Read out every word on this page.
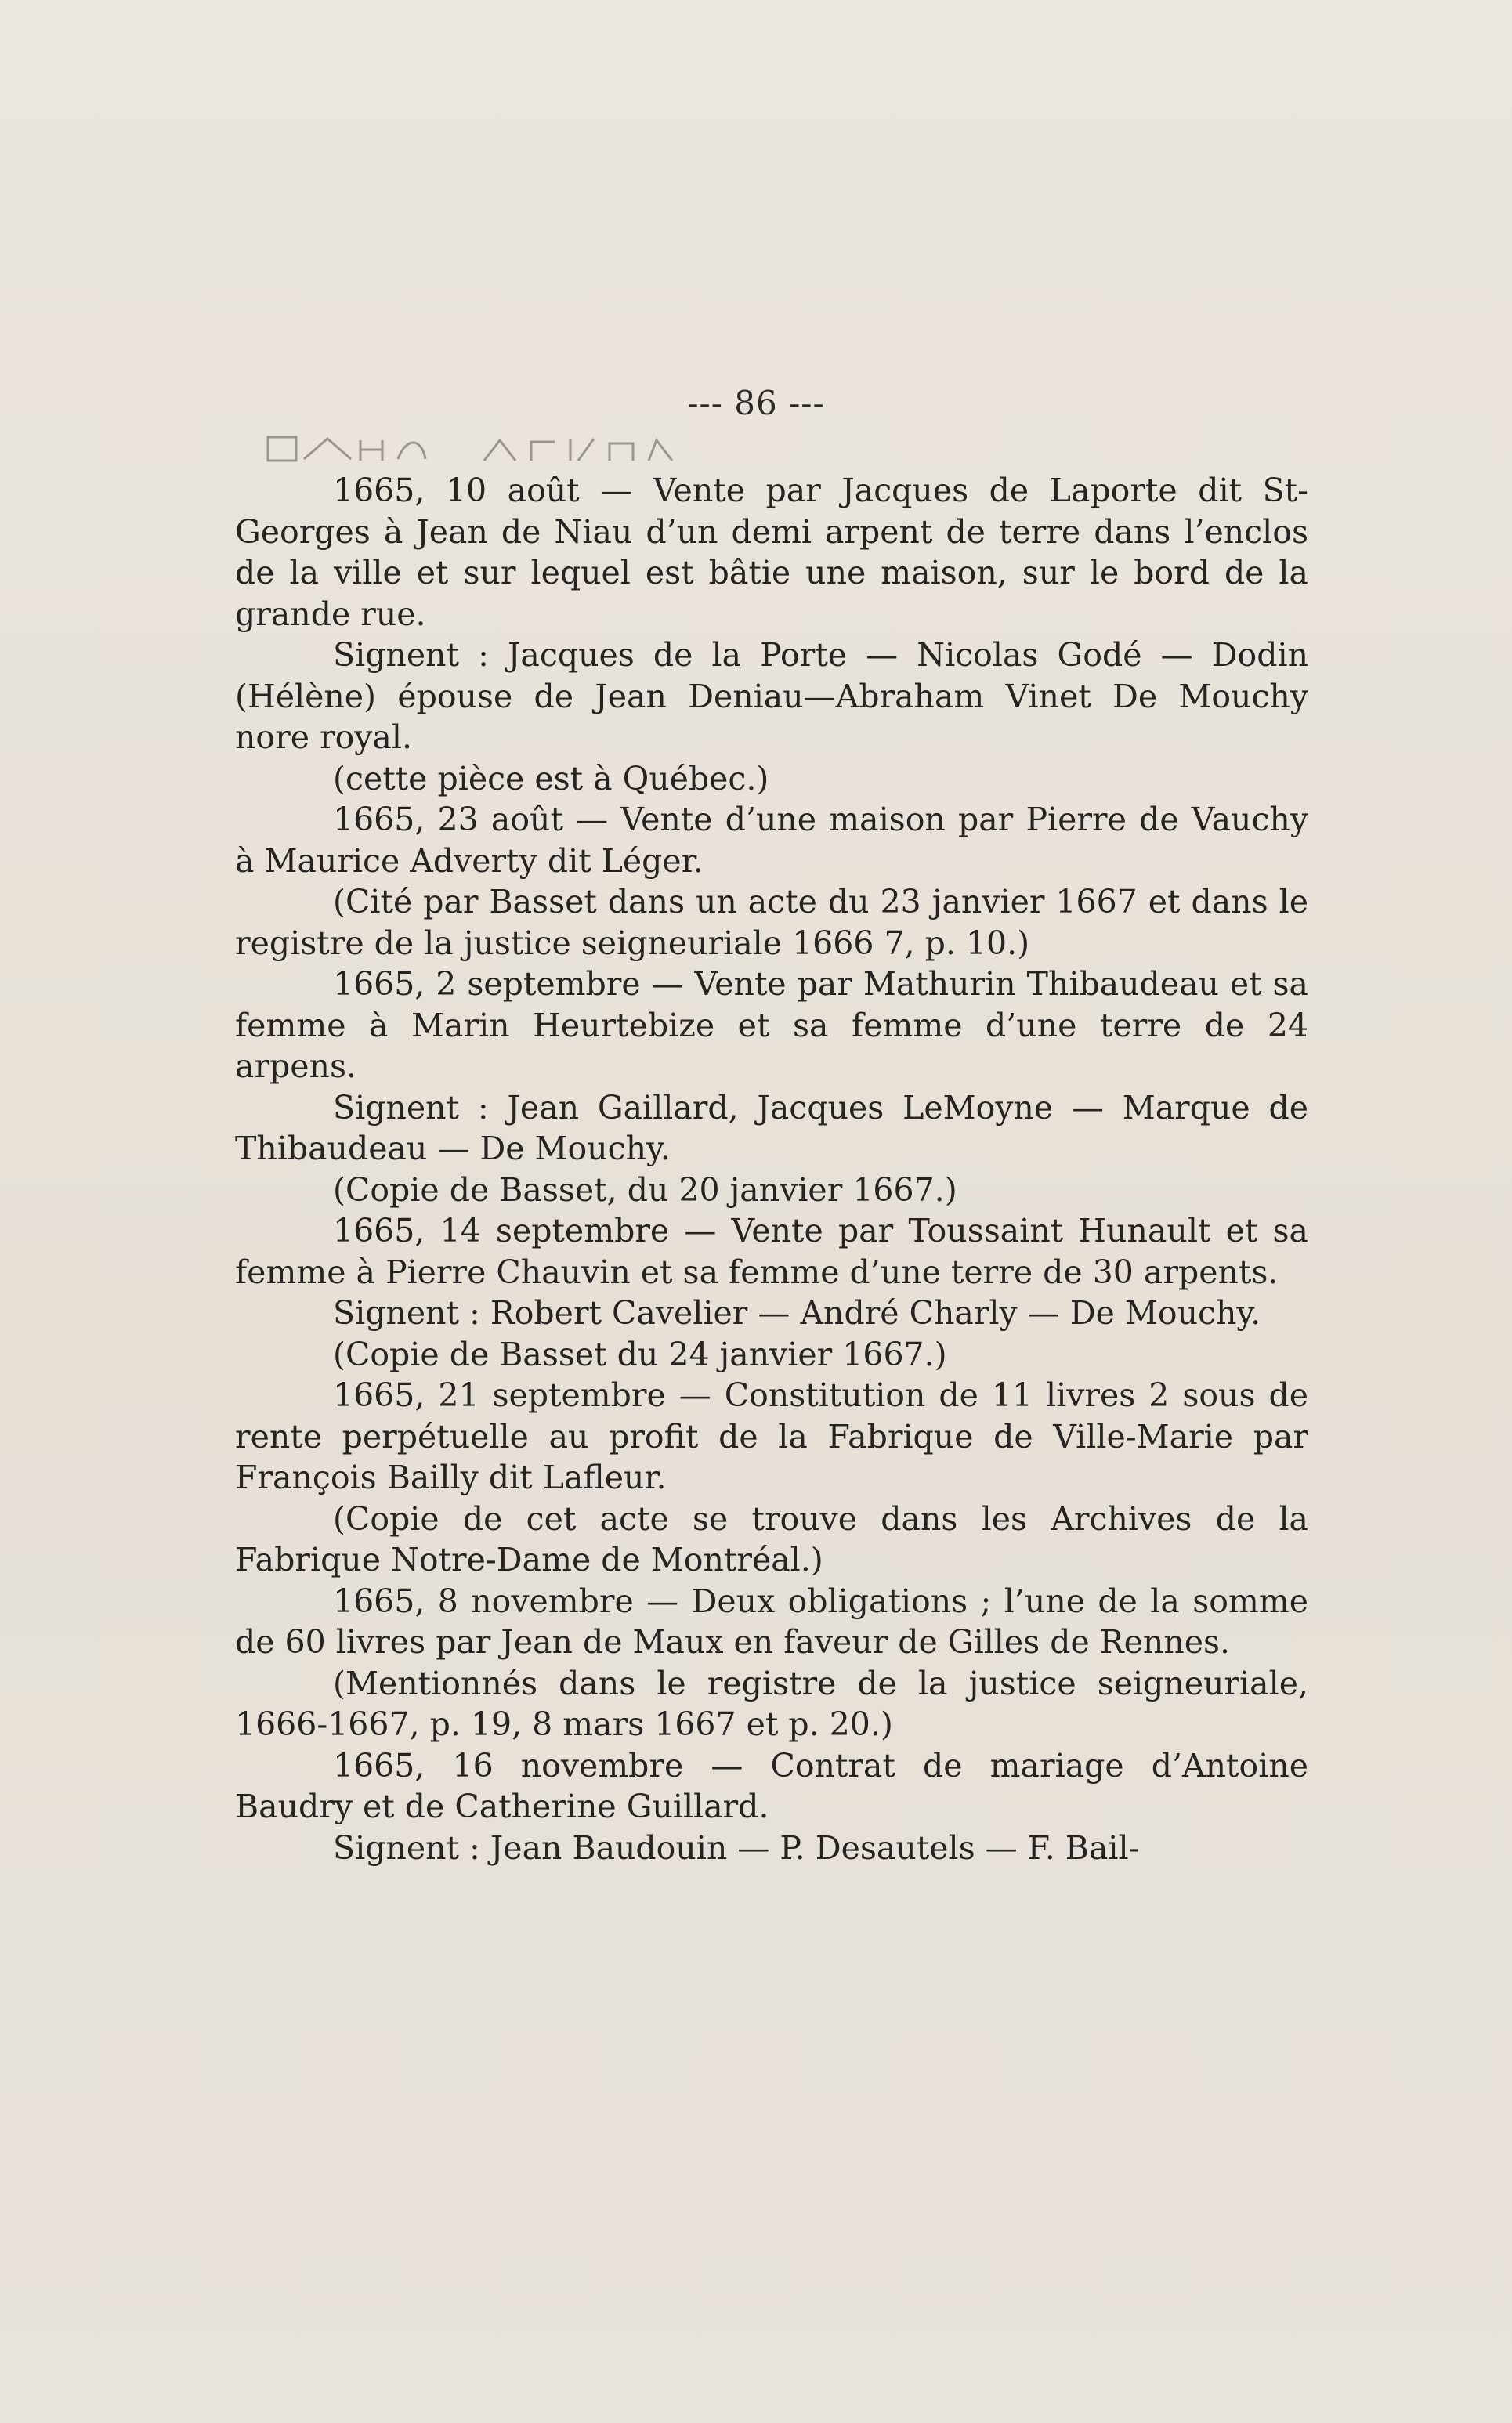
--- 86 ---

1665, 10 août — Vente par Jacques de Laporte dit St-Georges à Jean de Niau d’un demi arpent de terre dans l’enclos de la ville et sur lequel est bâtie une maison, sur le bord de la grande rue.

Signent : Jacques de la Porte — Nicolas Godé — Dodin (Hélène) épouse de Jean Deniau—Abraham Vinet De Mouchy nore royal.

(cette pièce est à Québec.)

1665, 23 août — Vente d’une maison par Pierre de Vauchy à Maurice Adverty dit Léger.

(Cité par Basset dans un acte du 23 janvier 1667 et dans le registre de la justice seigneuriale 1666 7, p. 10.)

1665, 2 septembre — Vente par Mathurin Thibaudeau et sa femme à Marin Heurtebize et sa femme d’une terre de 24 arpens.

Signent : Jean Gaillard, Jacques LeMoyne — Marque de Thibaudeau — De Mouchy.

(Copie de Basset, du 20 janvier 1667.)

1665, 14 septembre — Vente par Toussaint Hunault et sa femme à Pierre Chauvin et sa femme d’une terre de 30 arpents.

Signent : Robert Cavelier — André Charly — De Mouchy.

(Copie de Basset du 24 janvier 1667.)

1665, 21 septembre — Constitution de 11 livres 2 sous de rente perpétuelle au profit de la Fabrique de Ville-Marie par François Bailly dit Lafleur.

(Copie de cet acte se trouve dans les Archives de la Fabrique Notre-Dame de Montréal.)

1665, 8 novembre — Deux obligations ; l’une de la somme de 60 livres par Jean de Maux en faveur de Gilles de Rennes.

(Mentionnés dans le registre de la justice seigneuriale, 1666-1667, p. 19, 8 mars 1667 et p. 20.)

1665, 16 novembre — Contrat de mariage d’Antoine Baudry et de Catherine Guillard.

Signent : Jean Baudouin — P. Desautels — F. Bail-
